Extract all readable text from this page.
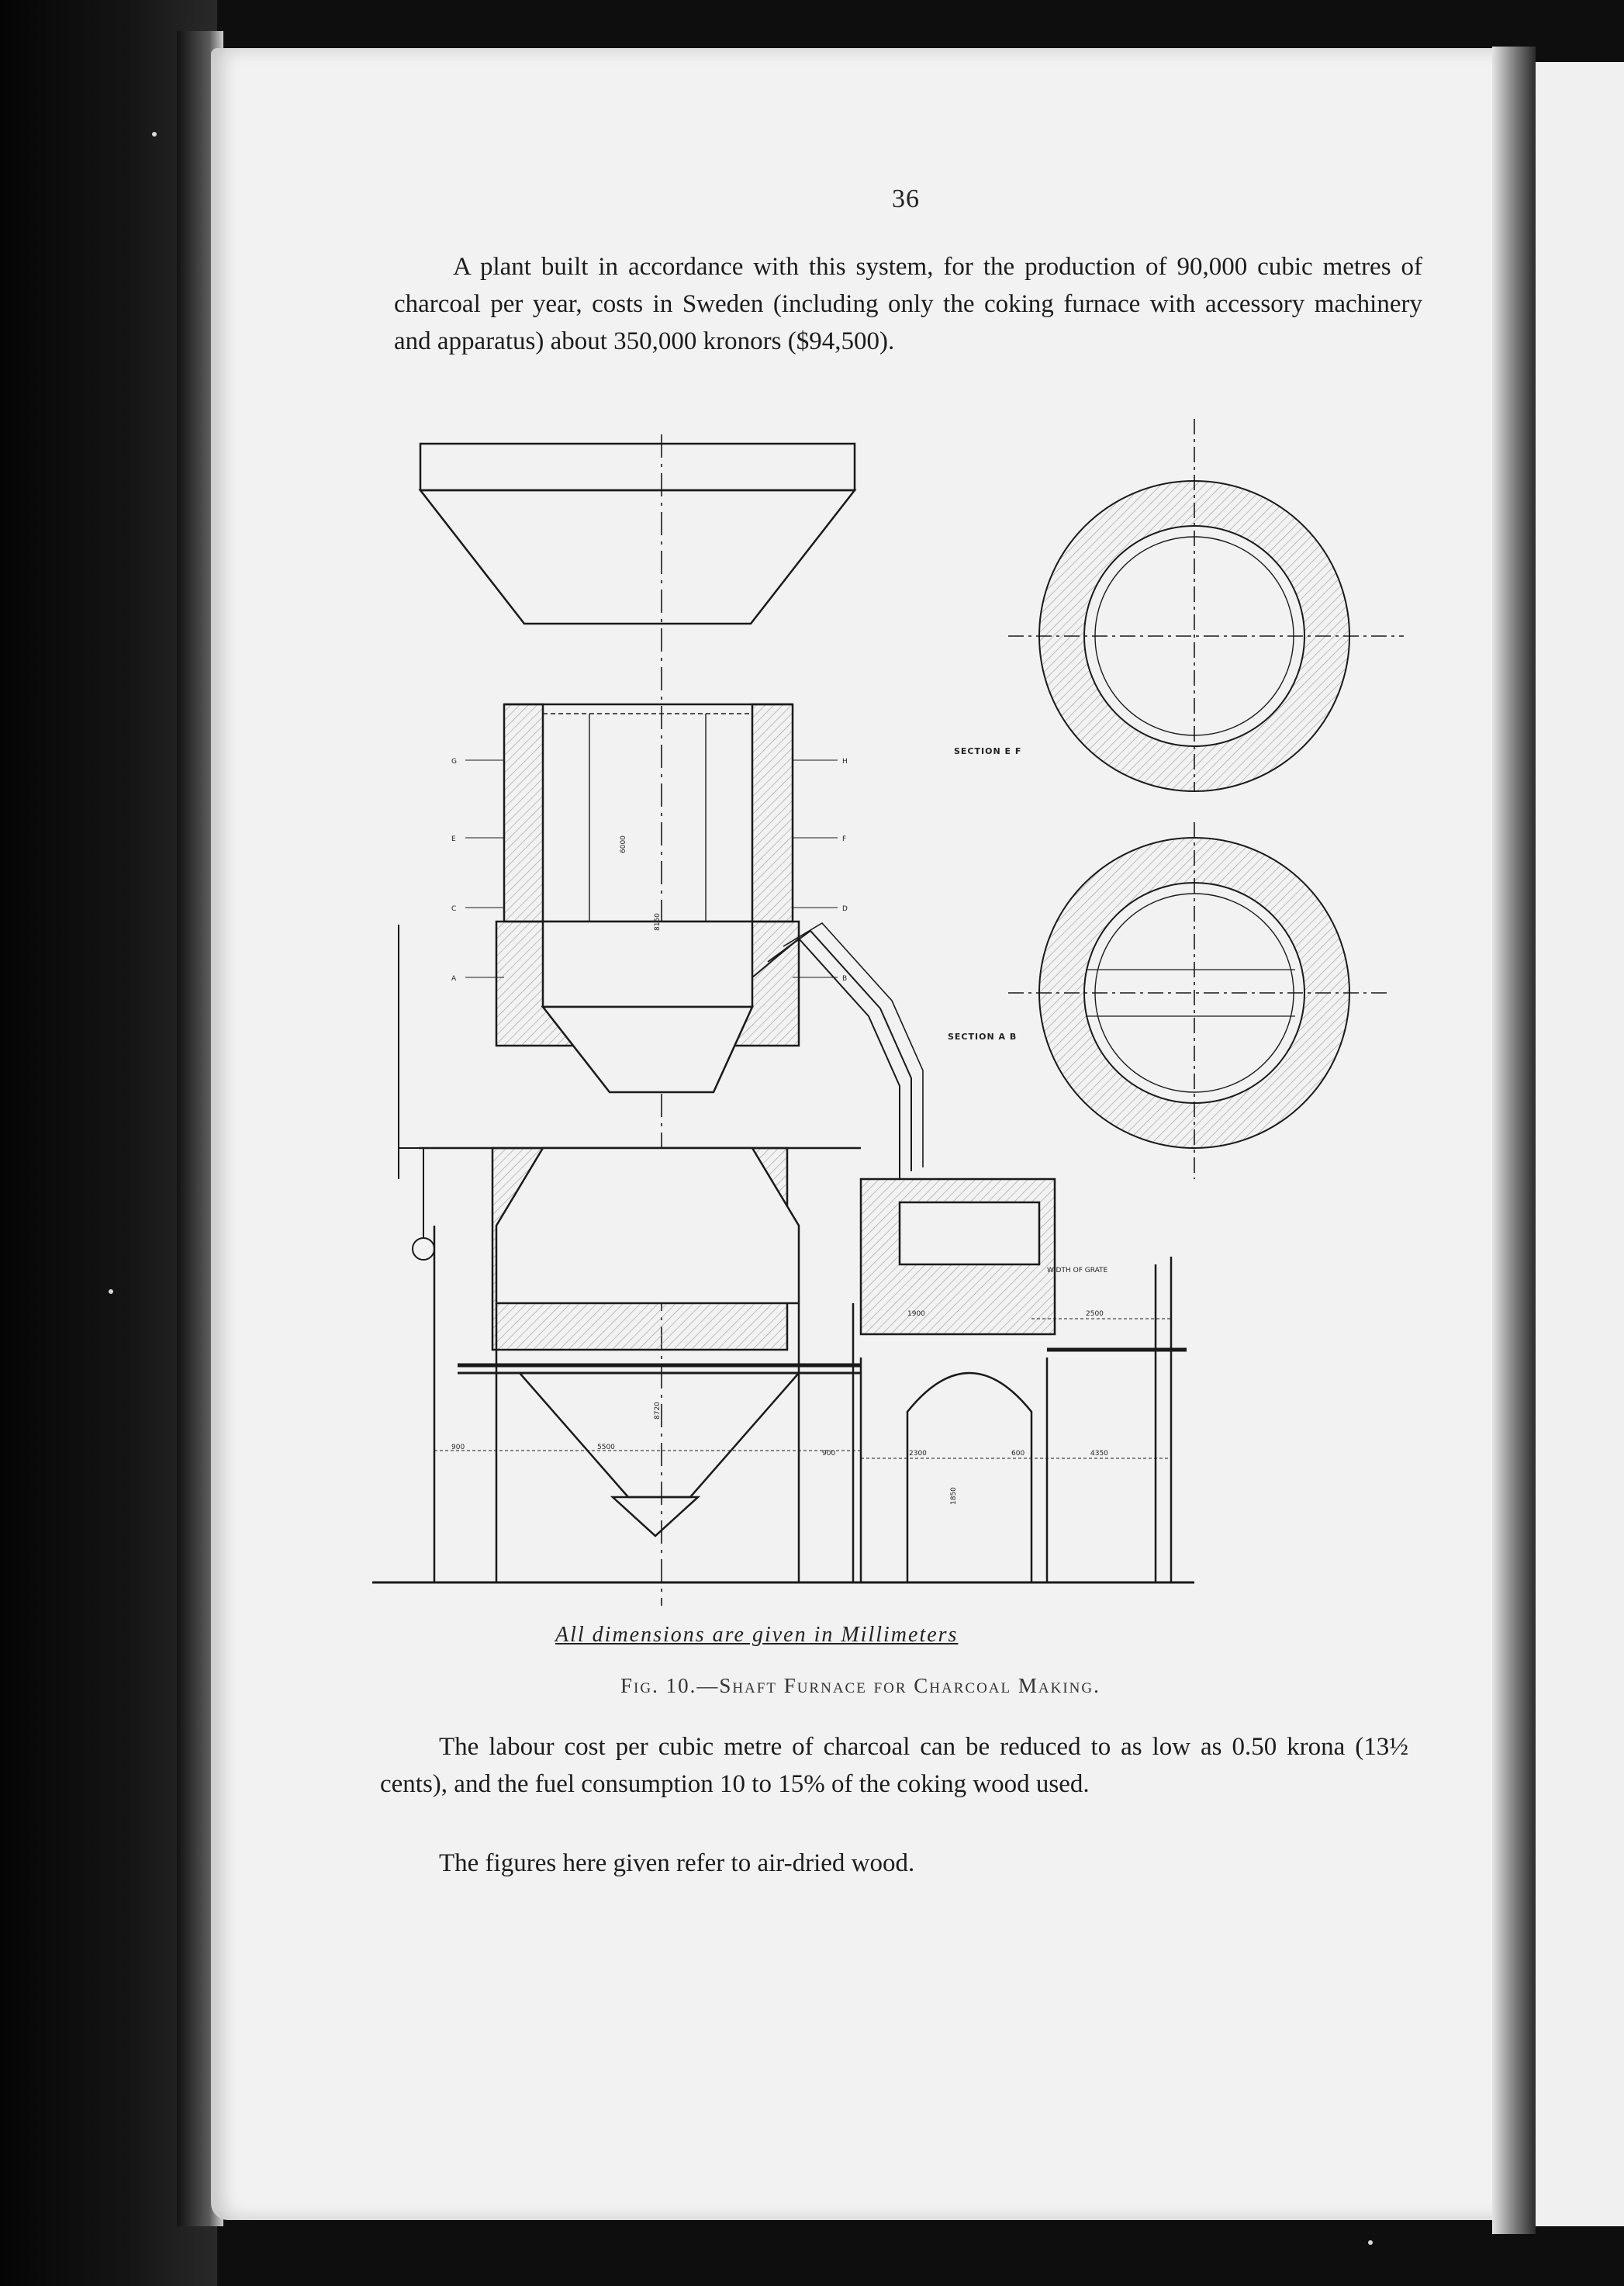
36

A plant built in accordance with this system, for the production of 90,000 cubic metres of charcoal per year, costs in Sweden (including only the coking furnace with accessory machinery and apparatus) about 350,000 kronors ($94,500).

SECTION E F
SECTION A B
G
E
C
A
H
F
D
B
6000
8150
8720
5500
900
900	2300	600	4350
1850
1900	2500
WIDTH OF GRATE
All dimensions are given in Millimeters
Fig. 10.—Shaft Furnace for Charcoal Making.

The labour cost per cubic metre of charcoal can be reduced to as low as 0.50 krona (13½ cents), and the fuel consumption 10 to 15% of the coking wood used.

The figures here given refer to air-dried wood.
